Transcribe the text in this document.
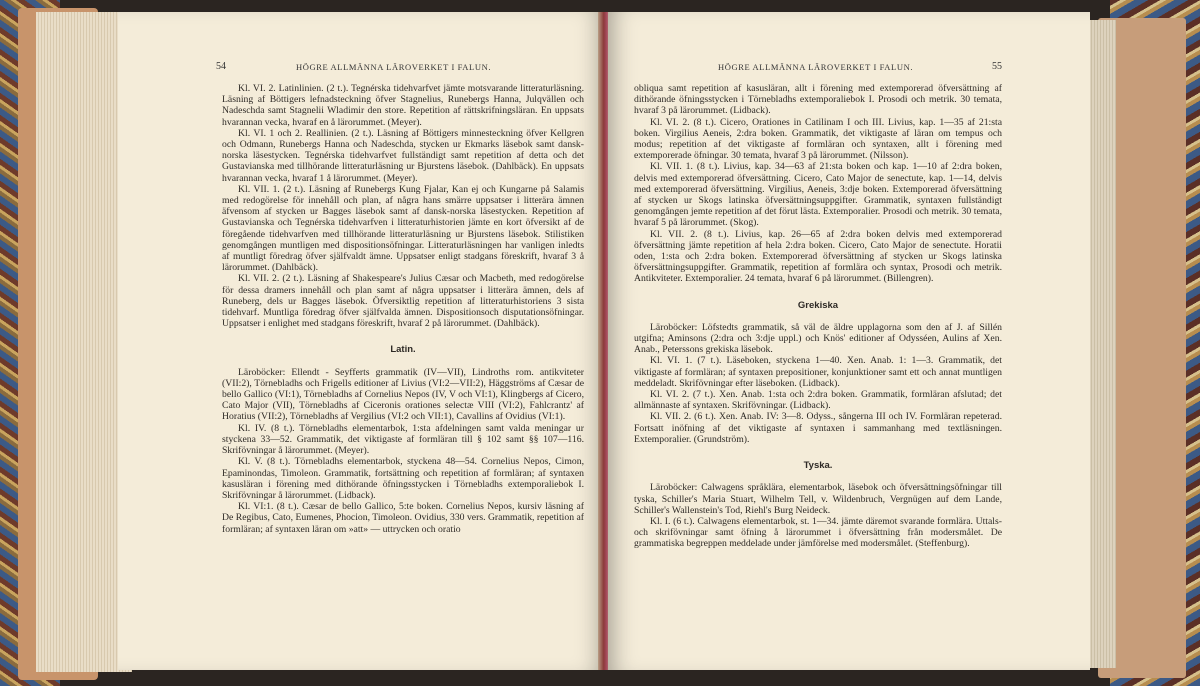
54	HÖGRE ALLMÄNNA LÄROVERKET I FALUN.

Kl. VI. 2. Latinlinien. (2 t.). Tegnérska tidehvarfvet jämte motsvarande litteraturläsning. Läsning af Böttigers lefnadsteckning öfver Stagnelius, Runebergs Hanna, Julqvällen och Nadeschda samt Stagnelii Wladimir den store. Repetition af rättskrifningsläran. En uppsats hvarannan vecka, hvaraf en å lärorummet. (Meyer).

Kl. VI. 1 och 2. Reallinien. (2 t.). Läsning af Böttigers minnesteckning öfver Kellgren och Odmann, Runebergs Hanna och Nadeschda, stycken ur Ekmarks läsebok samt dansk-norska läsestycken. Tegnérska tidehvarfvet fullständigt samt repetition af detta och det Gustavianska med tillhörande litteraturläsning ur Bjurstens läsebok. (Dahlbäck). En uppsats hvarannan vecka, hvaraf 1 å lärorummet. (Meyer).

Kl. VII. 1. (2 t.). Läsning af Runebergs Kung Fjalar, Kan ej och Kungarne på Salamis med redogörelse för innehåll och plan, af några hans smärre uppsatser i litterära ämnen äfvensom af stycken ur Bagges läsebok samt af dansk-norska läsestycken. Repetition af Gustavianska och Tegnérska tidehvarfven i litteraturhistorien jämte en kort öfversikt af de föregående tidehvarfven med tillhörande litteraturläsning ur Bjurstens läsebok. Stilistiken genomgången muntligen med dispositionsöfningar. Litteraturläsningen har vanligen inledts af muntligt föredrag öfver själfvaldt ämne. Uppsatser enligt stadgans föreskrift, hvaraf 3 å lärorummet. (Dahlbäck).

Kl. VII. 2. (2 t.). Läsning af Shakespeare's Julius Cæsar och Macbeth, med redogörelse för dessa dramers innehåll och plan samt af några uppsatser i litterära ämnen, dels af Runeberg, dels ur Bagges läsebok. Öfversiktlig repetition af litteraturhistoriens 3 sista tidehvarf. Muntliga föredrag öfver själfvalda ämnen. Dispositionsoch disputationsöfningar. Uppsatser i enlighet med stadgans föreskrift, hvaraf 2 på lärorummet. (Dahlbäck).

Latin.

Läroböcker: Ellendt - Seyfferts grammatik (IV—VII), Lindroths rom. antikviteter (VII:2), Törnebladhs och Frigells editioner af Livius (VI:2—VII:2), Häggströms af Cæsar de bello Gallico (VI:1), Törnebladhs af Cornelius Nepos (IV, V och VI:1), Klingbergs af Cicero, Cato Major (VII), Törnebladhs af Ciceronis orationes selectæ VIII (VI:2), Fahlcrantz' af Horatius (VII:2), Törnebladhs af Vergilius (VI:2 och VII:1), Cavallins af Ovidius (VI:1).

Kl. IV. (8 t.). Törnebladhs elementarbok, 1:sta afdelningen samt valda meningar ur styckena 33—52. Grammatik, det viktigaste af formläran till § 102 samt §§ 107—116. Skrifövningar å lärorummet. (Meyer).

Kl. V. (8 t.). Törnebladhs elementarbok, styckena 48—54. Cornelius Nepos, Cimon, Epaminondas, Timoleon. Grammatik, fortsättning och repetition af formläran; af syntaxen kasusläran i förening med dithörande öfningsstycken i Törnebladhs extemporaliebok I. Skrifövningar å lärorummet. (Lidback).

Kl. VI:1. (8 t.). Cæsar de bello Gallico, 5:te boken. Cornelius Nepos, kursiv läsning af De Regibus, Cato, Eumenes, Phocion, Timoleon. Ovidius, 330 vers. Grammatik, repetition af formläran; af syntaxen läran om »att» — uttrycken och oratio

HÖGRE ALLMÄNNA LÄROVERKET I FALUN.	55

obliqua samt repetition af kasusläran, allt i förening med extemporerad öfversättning af dithörande öfningsstycken i Törnebladhs extemporaliebok I. Prosodi och metrik. 30 temata, hvaraf 3 på lärorummet. (Lidback).

Kl. VI. 2. (8 t.). Cicero, Orationes in Catilinam I och III. Livius, kap. 1—35 af 21:sta boken. Virgilius Aeneis, 2:dra boken. Grammatik, det viktigaste af läran om tempus och modus; repetition af det viktigaste af formläran och syntaxen, allt i förening med extemporerade öfningar. 30 temata, hvaraf 3 på lärorummet. (Nilsson).

Kl. VII. 1. (8 t.). Livius, kap. 34—63 af 21:sta boken och kap. 1—10 af 2:dra boken, delvis med extemporerad öfversättning. Cicero, Cato Major de senectute, kap. 1—14, delvis med extemporerad öfversättning. Virgilius, Aeneis, 3:dje boken. Extemporerad öfversättning af stycken ur Skogs latinska öfversättningsuppgifter. Grammatik, syntaxen fullständigt genomgången jemte repetition af det förut lästa. Extemporalier. Prosodi och metrik. 30 temata, hvaraf 5 på lärorummet. (Skog).

Kl. VII. 2. (8 t.). Livius, kap. 26—65 af 2:dra boken delvis med extemporerad öfversättning jämte repetition af hela 2:dra boken. Cicero, Cato Major de senectute. Horatii oden, 1:sta och 2:dra boken. Extemporerad öfversättning af stycken ur Skogs latinska öfversättningsuppgifter. Grammatik, repetition af formlära och syntax, Prosodi och metrik. Antikviteter. Extemporalier. 24 temata, hvaraf 6 på lärorummet. (Billengren).

Grekiska

Läroböcker: Löfstedts grammatik, så väl de äldre upplagorna som den af J. af Sillén utgifna; Aminsons (2:dra och 3:dje uppl.) och Knös' editioner af Odysséen, Aulins af Xen. Anab., Peterssons grekiska läsebok.

Kl. VI. 1. (7 t.). Läseboken, styckena 1—40. Xen. Anab. 1: 1—3. Grammatik, det viktigaste af formläran; af syntaxen prepositioner, konjunktioner samt ett och annat muntligen meddeladt. Skrifövningar efter läseboken. (Lidback).

Kl. VI. 2. (7 t.). Xen. Anab. 1:sta och 2:dra boken. Grammatik, formläran afslutad; det allmännaste af syntaxen. Skrifövningar. (Lidback).

Kl. VII. 2. (6 t.). Xen. Anab. IV: 3—8. Odyss., sångerna III och IV. Formläran repeterad. Fortsatt inöfning af det viktigaste af syntaxen i sammanhang med textläsningen. Extemporalier. (Grundström).

Tyska.

Läroböcker: Calwagens språklära, elementarbok, läsebok och öfversättningsöfningar till tyska, Schiller's Maria Stuart, Wilhelm Tell, v. Wildenbruch, Vergnügen auf dem Lande, Schiller's Wallenstein's Tod, Riehl's Burg Neideck.

Kl. I. (6 t.). Calwagens elementarbok, st. 1—34. jämte däremot svarande formlära. Uttals- och skrifövningar samt öfning å lärorummet i öfversättning från modersmålet. De grammatiska begreppen meddelade under jämförelse med modersmålet. (Steffenburg).
